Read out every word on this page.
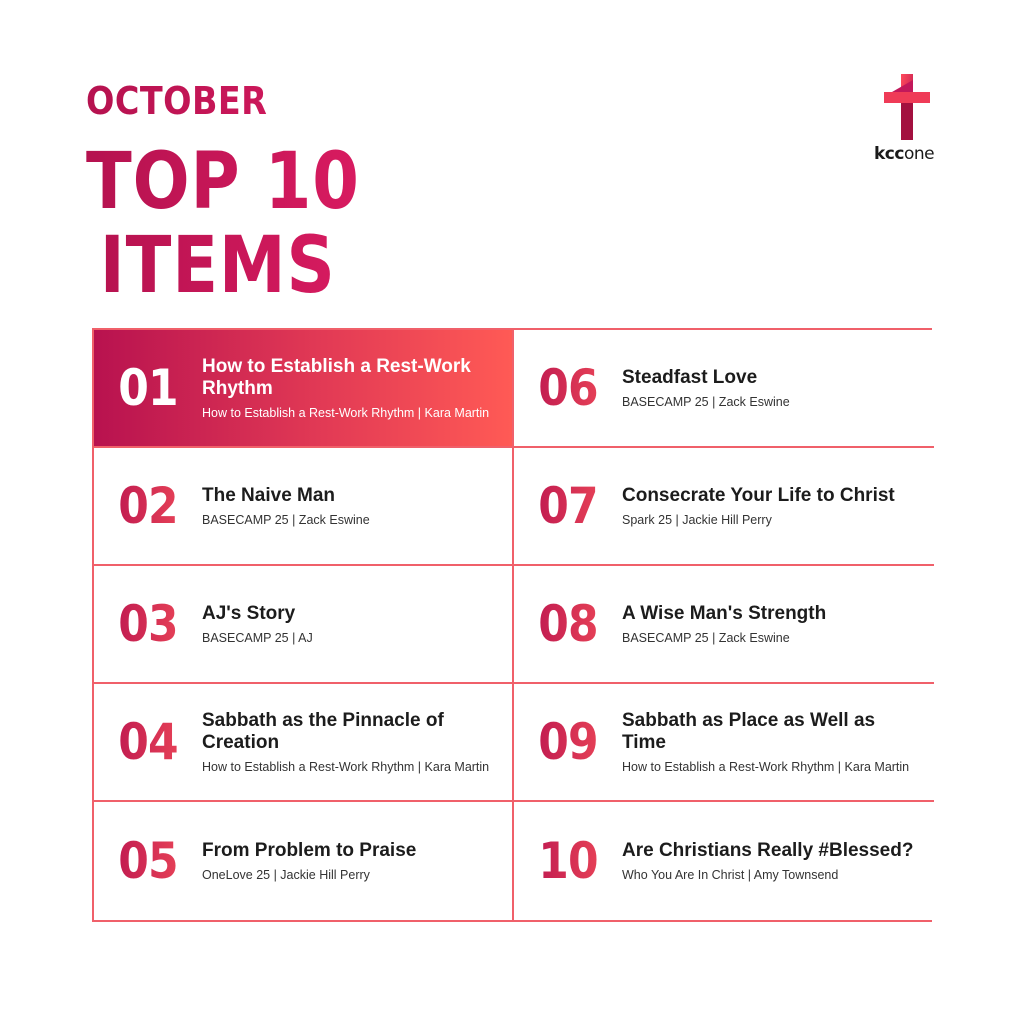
OCTOBER
TOP 10
ITEMS
kccone
01	How to Establish a Rest-Work Rhythm
How to Establish a Rest-Work Rhythm | Kara Martin
02	The Naive Man
BASECAMP 25 | Zack Eswine
03	AJ's Story
BASECAMP 25 | AJ
04	Sabbath as the Pinnacle of Creation
How to Establish a Rest-Work Rhythm | Kara Martin
05	From Problem to Praise
OneLove 25 | Jackie Hill Perry
06	Steadfast Love
BASECAMP 25 | Zack Eswine
07	Consecrate Your Life to Christ
Spark 25 | Jackie Hill Perry
08	A Wise Man's Strength
BASECAMP 25 | Zack Eswine
09	Sabbath as Place as Well as Time
How to Establish a Rest-Work Rhythm | Kara Martin
10	Are Christians Really #Blessed?
Who You Are In Christ | Amy Townsend
